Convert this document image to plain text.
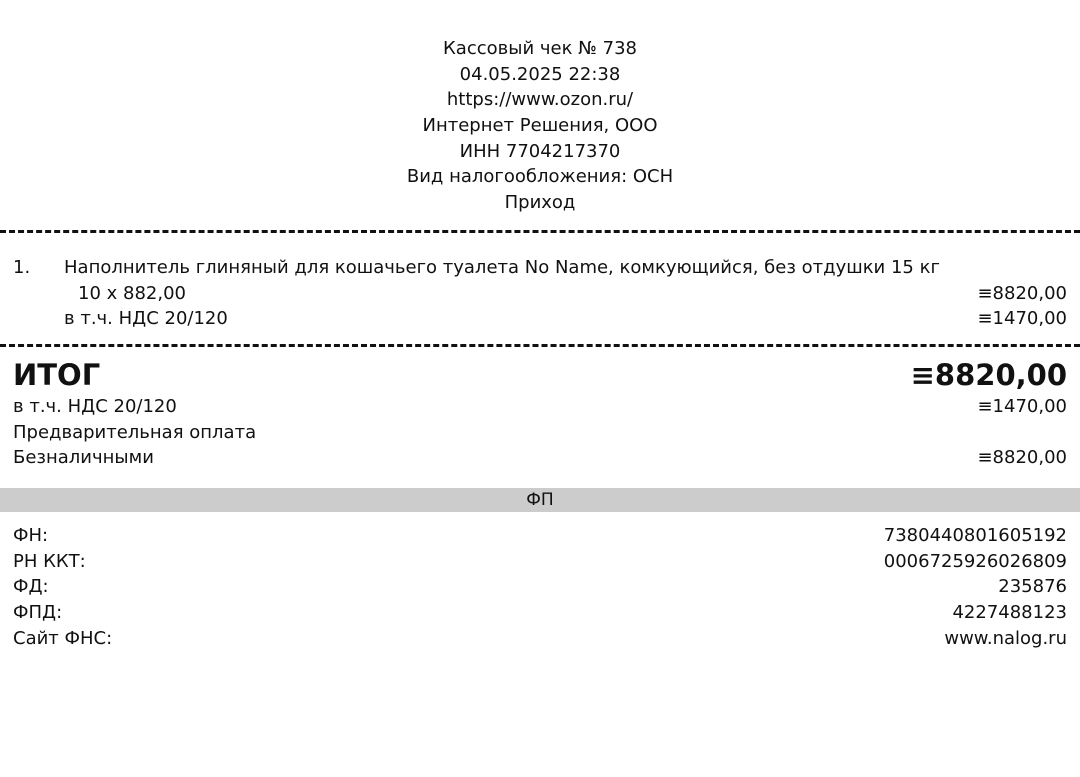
Кассовый чек № 738
04.05.2025 22:38
https://www.ozon.ru/
Интернет Решения, ООО
ИНН 7704217370
Вид налогообложения: ОСН
Приход
1. Наполнитель глиняный для кошачьего туалета No Name, комкующийся, без отдушки 15 кг
10 x 882,00	≡8820,00
в т.ч. НДС 20/120	≡1470,00
ИТОГ	≡8820,00
в т.ч. НДС 20/120	≡1470,00
Предварительная оплата
Безналичными	≡8820,00
ФП
ФН:	7380440801605192
РН ККТ:	0006725926026809
ФД:	235876
ФПД:	4227488123
Сайт ФНС:	www.nalog.ru
